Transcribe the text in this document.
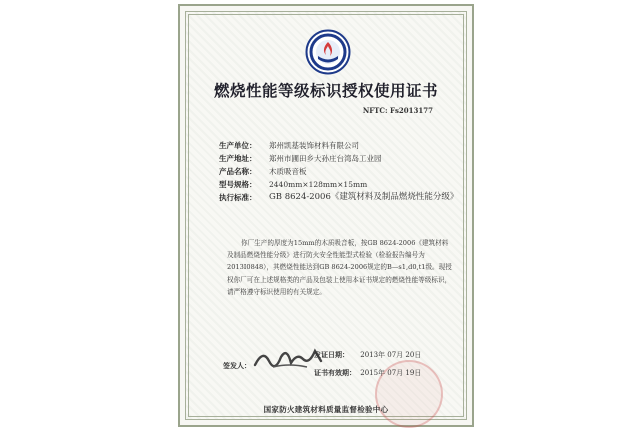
燃烧性能等级标识授权使用证书
NFTC: Fs2013177
生产单位： 郑州凯基装饰材料有限公司
生产地址： 郑州市圃田乡大孙庄台湾岛工业园
产品名称： 木质吸音板
型号规格： 2440mm×128mm×15mm
执行标准： GB 8624-2006《建筑材料及制品燃烧性能分级》
你厂生产的厚度为15mm的木质吸音板，按GB 8624-2006《建筑材料及制品燃烧性能分级》进行防火安全性能型式检验（检验报告编号为2013I0848），其燃烧性能达到GB 8624-2006规定的B—s1,d0,t1级。现授权你厂可在上述规格类的产品及包装上使用本证书规定的燃烧性能等级标识，请严格遵守标识使用的有关规定。
签发人：
发证日期： 2013年 07月 20日
证书有效期： 2015年 07月 19日
国家防火建筑材料质量监督检验中心
